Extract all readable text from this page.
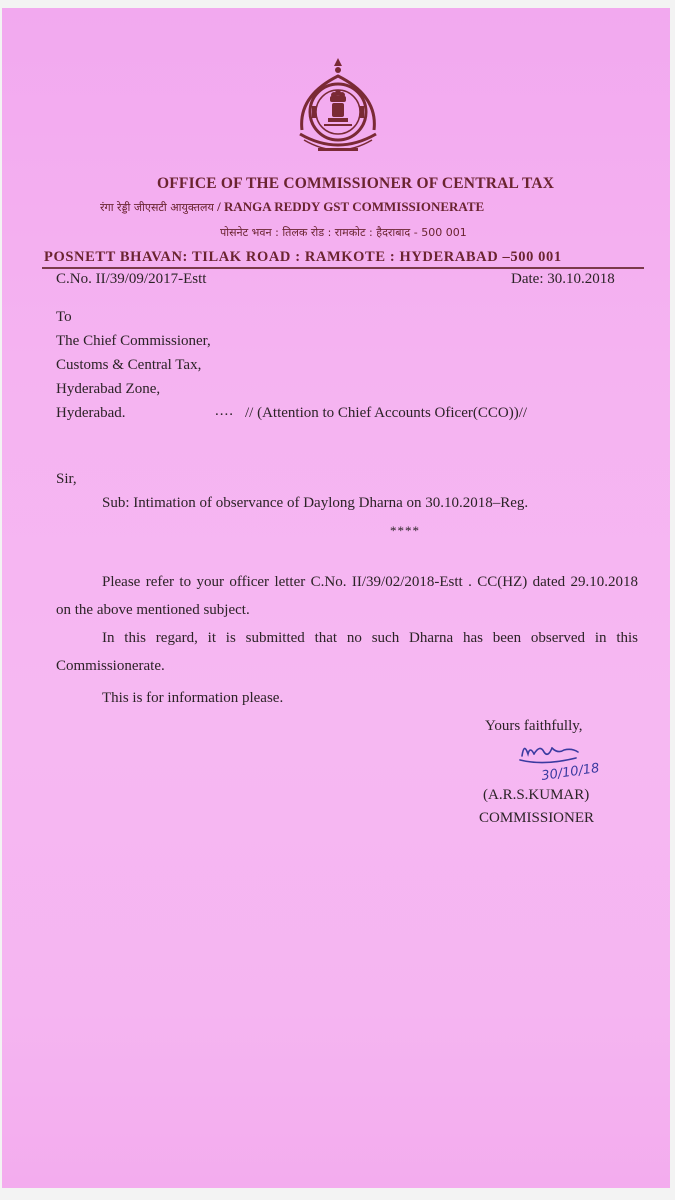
OFFICE OF THE COMMISSIONER OF CENTRAL TAX
रंगा रेड्डी जीएसटी आयुक्तलय / RANGA REDDY GST COMMISSIONERATE
पोसनेट भवन : तिलक रोड : रामकोट : हैदराबाद - 500 001
POSNETT BHAVAN: TILAK ROAD : RAMKOTE : HYDERABAD –500 001
C.No. II/39/09/2017-Estt	Date: 30.10.2018
To
The Chief Commissioner,
Customs & Central Tax,
Hyderabad Zone,
Hyderabad.	.... // (Attention to Chief Accounts Oficer(CCO))//
Sir,
Sub: Intimation of observance of Daylong Dharna on 30.10.2018–Reg.
****
Please refer to your officer letter C.No. II/39/02/2018-Estt . CC(HZ) dated 29.10.2018 on the above mentioned subject.
In this regard, it is submitted that no such Dharna has been observed in this Commissionerate.
This is for information please.
Yours faithfully,
30/10/18
(A.R.S.KUMAR)
COMMISSIONER
